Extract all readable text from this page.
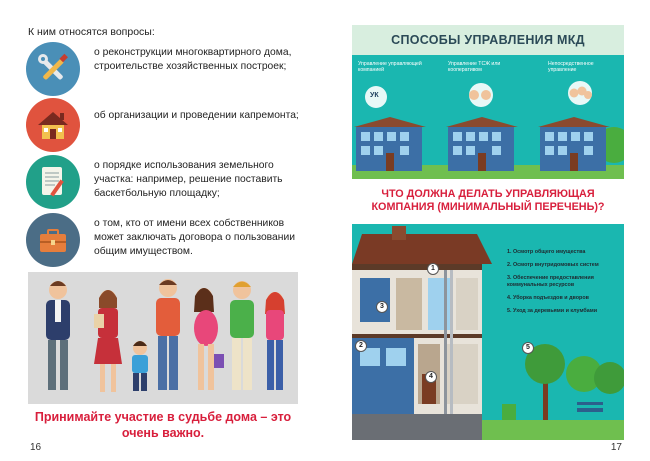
К ним относятся вопросы:
о реконструкции многоквартирного дома, строительстве хозяйственных построек;
об организации и проведении капремонта;
о порядке использования земельного участка: например, решение поставить баскетбольную площадку;
о том, кто от имени всех собственников может заключать договора о пользовании общим имуществом.
Принимайте участие в судьбе дома – это очень важно.
16
СПОСОБЫ УПРАВЛЕНИЯ МКД
Управление управляющей компанией
Управление ТСЖ или кооперативом
Непосредственное управление
УК
ЧТО ДОЛЖНА ДЕЛАТЬ УПРАВЛЯЮЩАЯ КОМПАНИЯ (МИНИМАЛЬНЫЙ ПЕРЕЧЕНЬ)?
1
2
3
4
5
1. Осмотр общего имущества
2. Осмотр внутридомовых систем
3. Обеспечение предоставления коммунальных ресурсов
4. Уборка подъездов и дворов
5. Уход за деревьями и клумбами
17
